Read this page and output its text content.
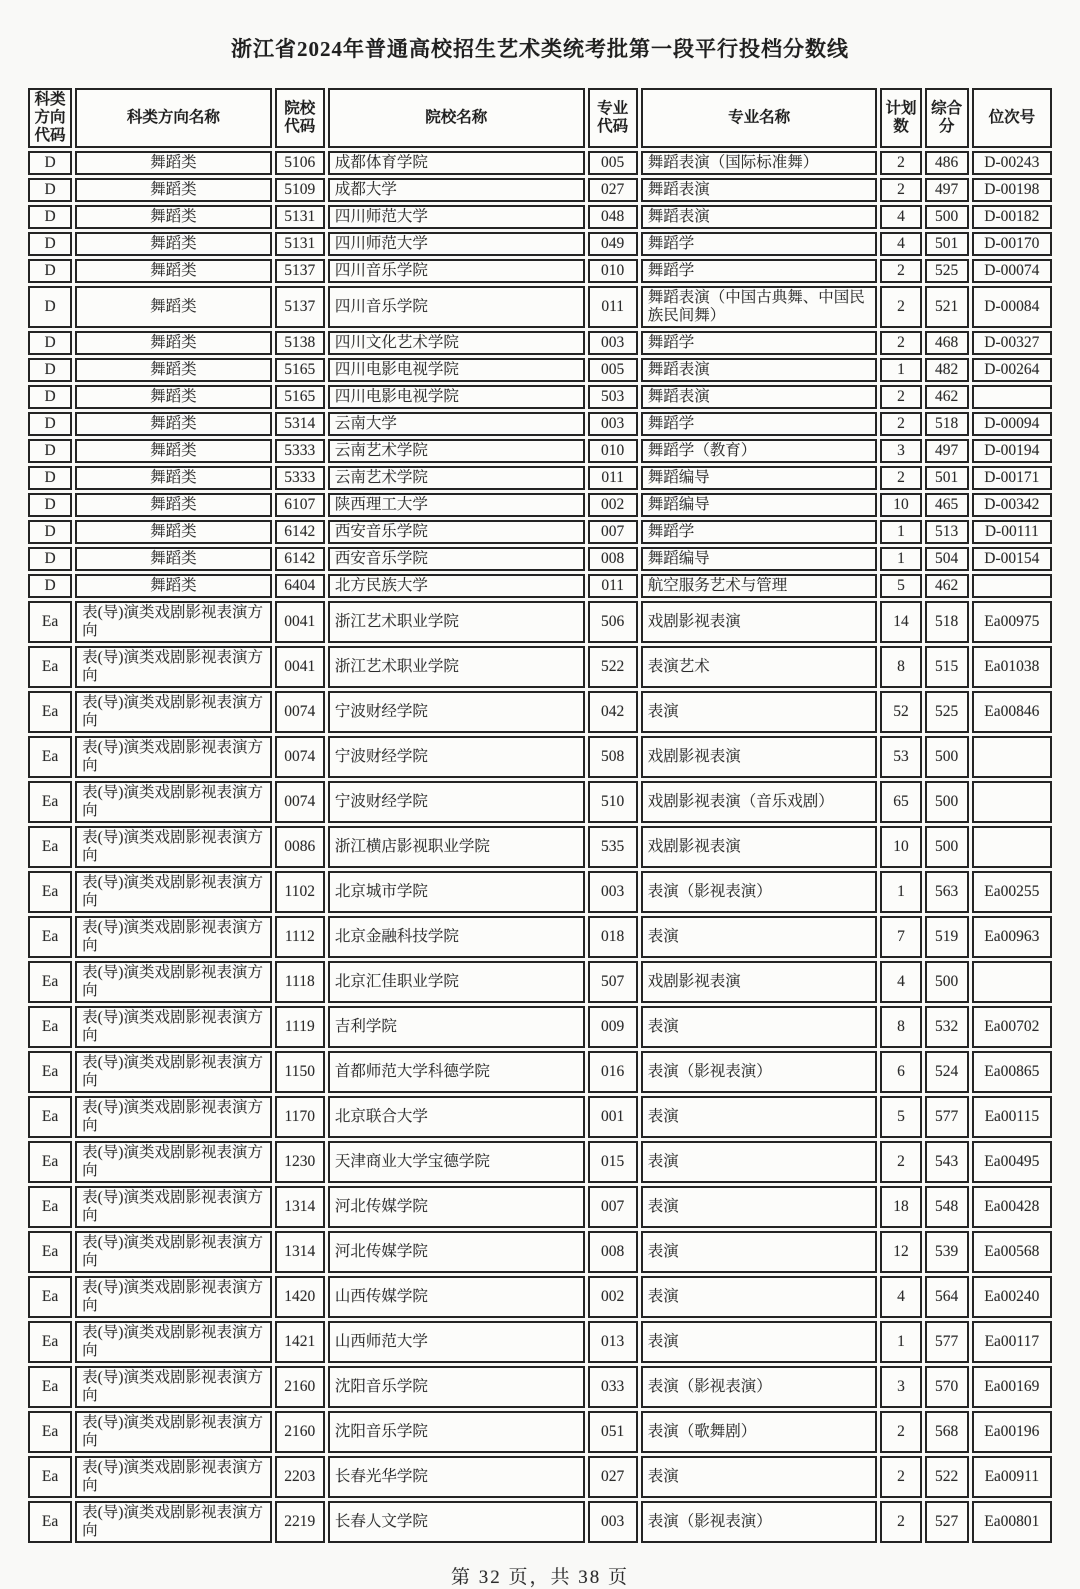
浙江省2024年普通高校招生艺术类统考批第一段平行投档分数线
科类方向代码	科类方向名称	院校代码	院校名称	专业代码	专业名称	计划数	综合分	位次号
D	舞蹈类	5106	成都体育学院	005	舞蹈表演（国际标准舞）	2	486	D-00243
D	舞蹈类	5109	成都大学	027	舞蹈表演	2	497	D-00198
D	舞蹈类	5131	四川师范大学	048	舞蹈表演	4	500	D-00182
D	舞蹈类	5131	四川师范大学	049	舞蹈学	4	501	D-00170
D	舞蹈类	5137	四川音乐学院	010	舞蹈学	2	525	D-00074
D	舞蹈类	5137	四川音乐学院	011	舞蹈表演（中国古典舞、中国民族民间舞）	2	521	D-00084
D	舞蹈类	5138	四川文化艺术学院	003	舞蹈学	2	468	D-00327
D	舞蹈类	5165	四川电影电视学院	005	舞蹈表演	1	482	D-00264
D	舞蹈类	5165	四川电影电视学院	503	舞蹈表演	2	462	
D	舞蹈类	5314	云南大学	003	舞蹈学	2	518	D-00094
D	舞蹈类	5333	云南艺术学院	010	舞蹈学（教育）	3	497	D-00194
D	舞蹈类	5333	云南艺术学院	011	舞蹈编导	2	501	D-00171
D	舞蹈类	6107	陕西理工大学	002	舞蹈编导	10	465	D-00342
D	舞蹈类	6142	西安音乐学院	007	舞蹈学	1	513	D-00111
D	舞蹈类	6142	西安音乐学院	008	舞蹈编导	1	504	D-00154
D	舞蹈类	6404	北方民族大学	011	航空服务艺术与管理	5	462	
Ea	表(导)演类戏剧影视表演方向	0041	浙江艺术职业学院	506	戏剧影视表演	14	518	Ea00975
Ea	表(导)演类戏剧影视表演方向	0041	浙江艺术职业学院	522	表演艺术	8	515	Ea01038
Ea	表(导)演类戏剧影视表演方向	0074	宁波财经学院	042	表演	52	525	Ea00846
Ea	表(导)演类戏剧影视表演方向	0074	宁波财经学院	508	戏剧影视表演	53	500	
Ea	表(导)演类戏剧影视表演方向	0074	宁波财经学院	510	戏剧影视表演（音乐戏剧）	65	500	
Ea	表(导)演类戏剧影视表演方向	0086	浙江横店影视职业学院	535	戏剧影视表演	10	500	
Ea	表(导)演类戏剧影视表演方向	1102	北京城市学院	003	表演（影视表演）	1	563	Ea00255
Ea	表(导)演类戏剧影视表演方向	1112	北京金融科技学院	018	表演	7	519	Ea00963
Ea	表(导)演类戏剧影视表演方向	1118	北京汇佳职业学院	507	戏剧影视表演	4	500	
Ea	表(导)演类戏剧影视表演方向	1119	吉利学院	009	表演	8	532	Ea00702
Ea	表(导)演类戏剧影视表演方向	1150	首都师范大学科德学院	016	表演（影视表演）	6	524	Ea00865
Ea	表(导)演类戏剧影视表演方向	1170	北京联合大学	001	表演	5	577	Ea00115
Ea	表(导)演类戏剧影视表演方向	1230	天津商业大学宝德学院	015	表演	2	543	Ea00495
Ea	表(导)演类戏剧影视表演方向	1314	河北传媒学院	007	表演	18	548	Ea00428
Ea	表(导)演类戏剧影视表演方向	1314	河北传媒学院	008	表演	12	539	Ea00568
Ea	表(导)演类戏剧影视表演方向	1420	山西传媒学院	002	表演	4	564	Ea00240
Ea	表(导)演类戏剧影视表演方向	1421	山西师范大学	013	表演	1	577	Ea00117
Ea	表(导)演类戏剧影视表演方向	2160	沈阳音乐学院	033	表演（影视表演）	3	570	Ea00169
Ea	表(导)演类戏剧影视表演方向	2160	沈阳音乐学院	051	表演（歌舞剧）	2	568	Ea00196
Ea	表(导)演类戏剧影视表演方向	2203	长春光华学院	027	表演	2	522	Ea00911
Ea	表(导)演类戏剧影视表演方向	2219	长春人文学院	003	表演（影视表演）	2	527	Ea00801
第 32 页，共 38 页
